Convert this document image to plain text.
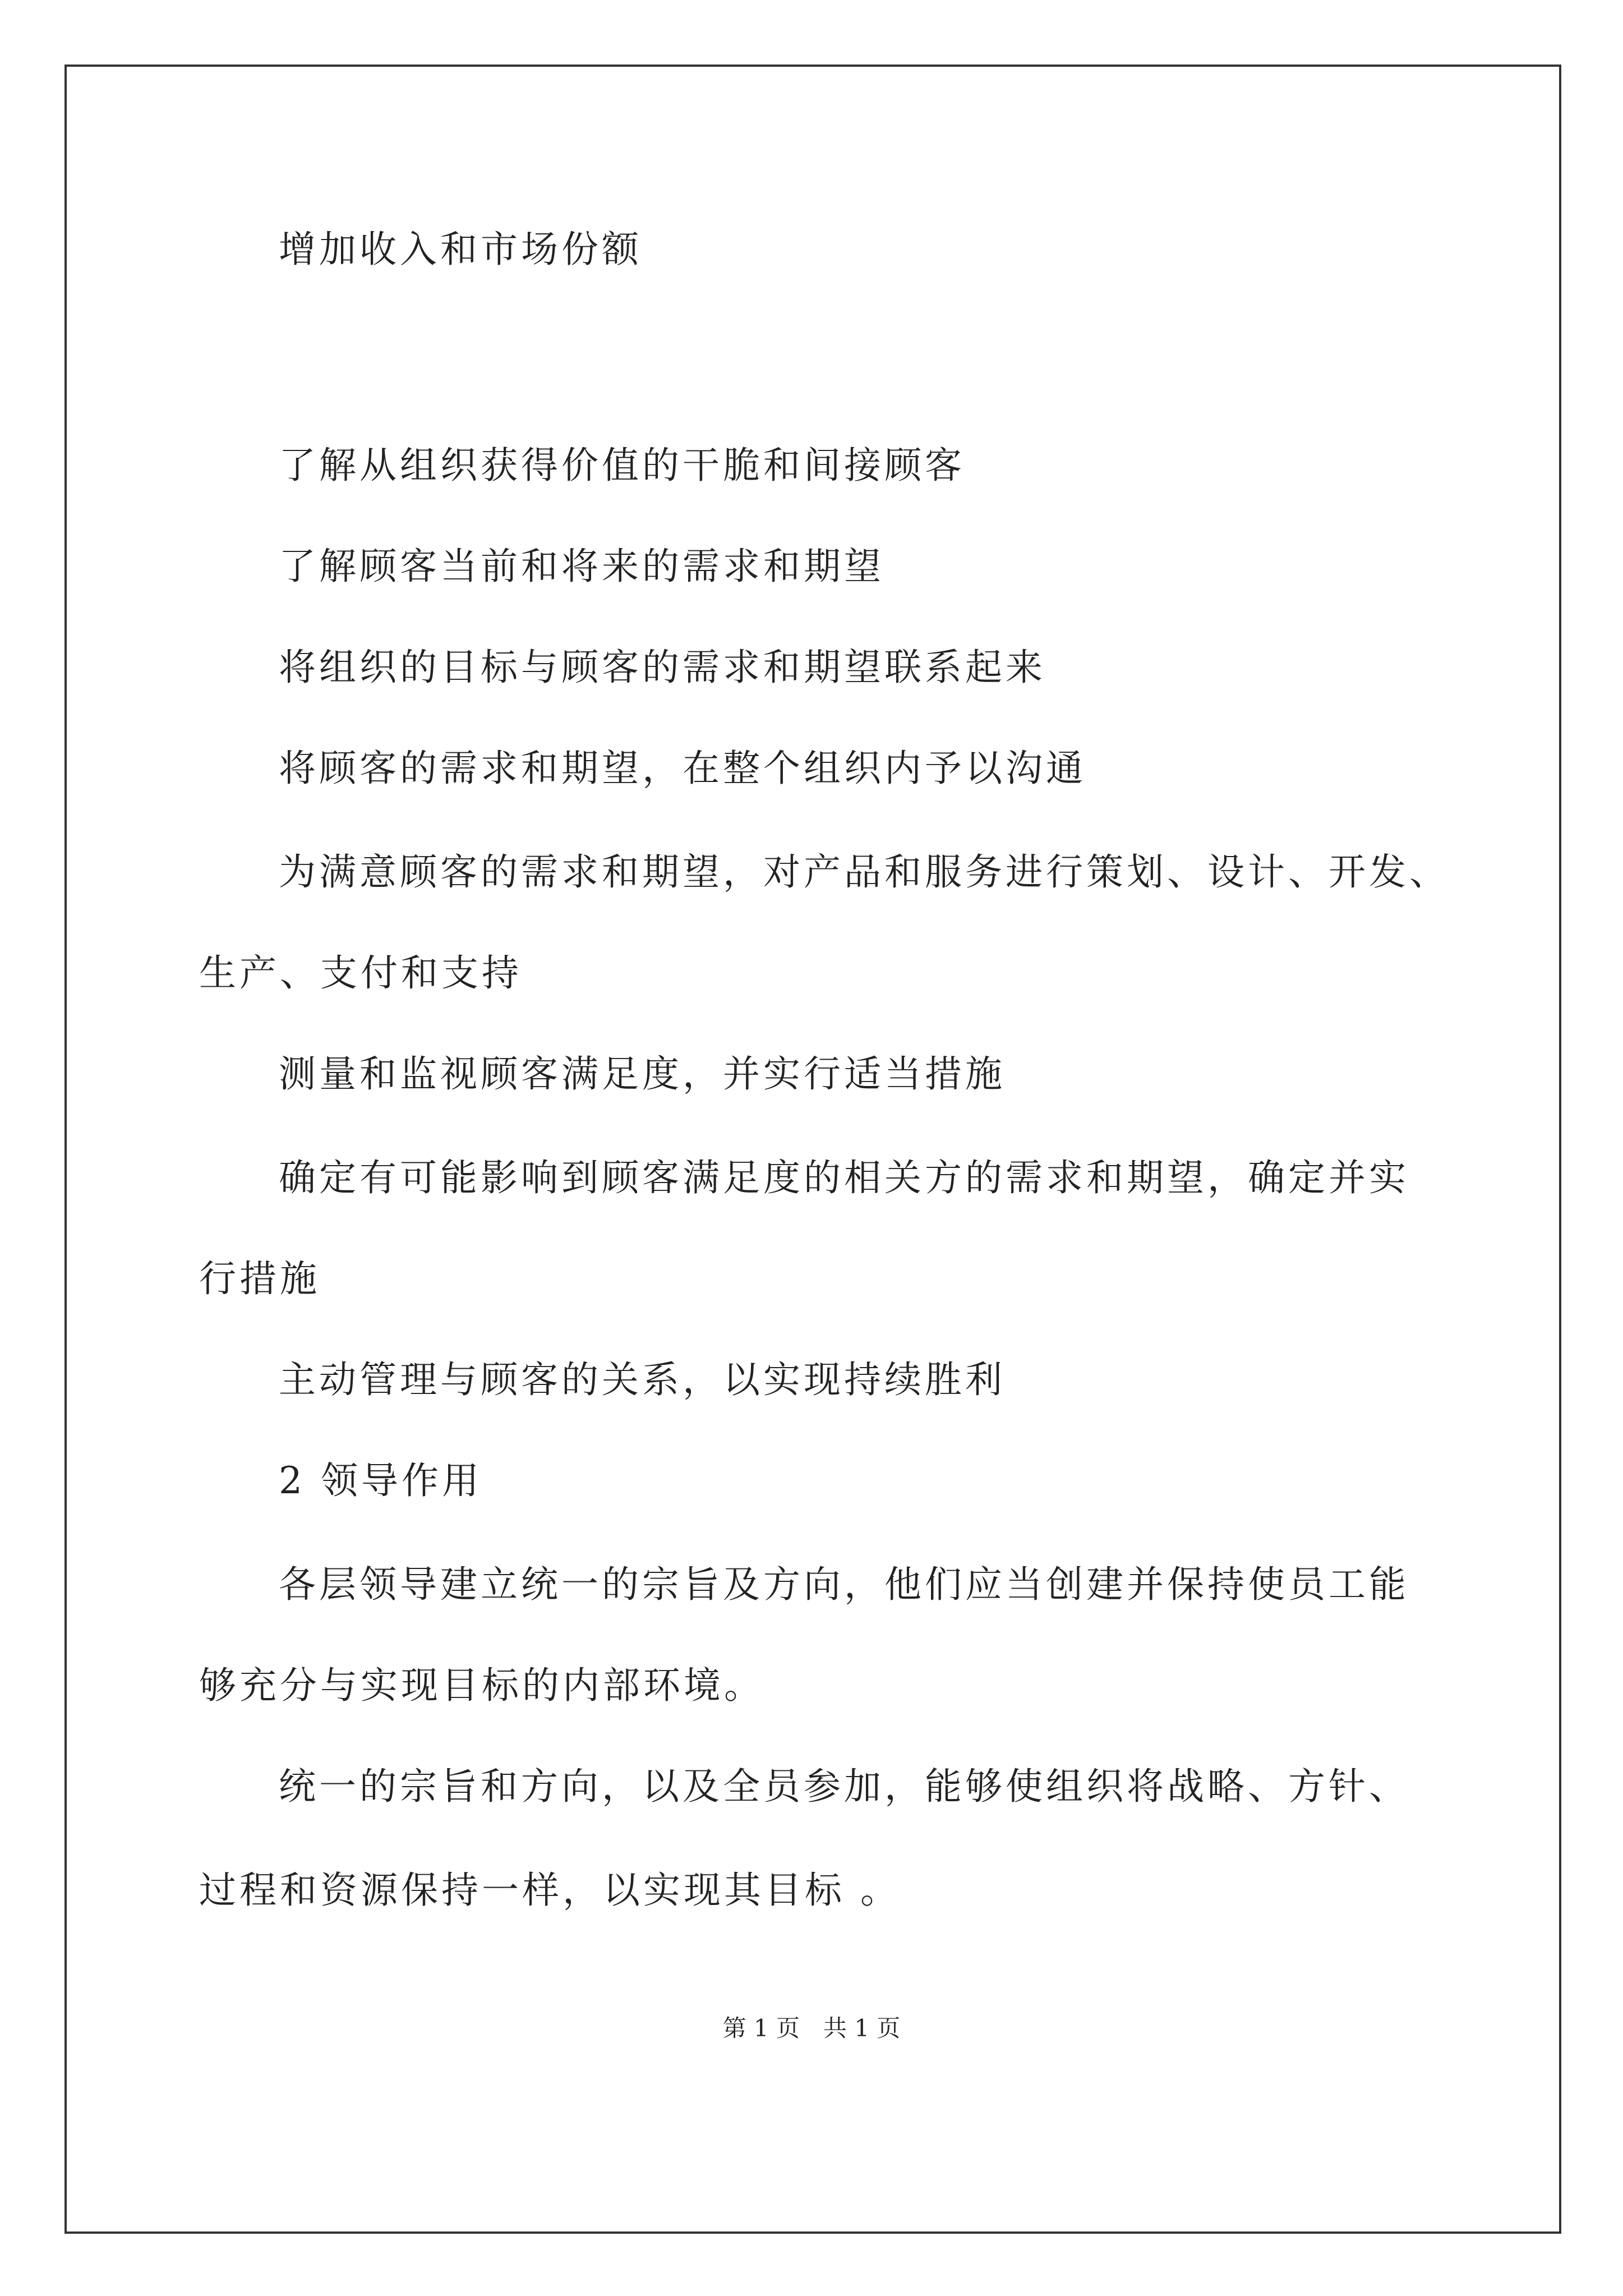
增加收入和市场份额
了解从组织获得价值的干脆和间接顾客
了解顾客当前和将来的需求和期望
将组织的目标与顾客的需求和期望联系起来
将顾客的需求和期望，在整个组织内予以沟通
为满意顾客的需求和期望，对产品和服务进行策划、设计、开发、
生产、支付和支持
测量和监视顾客满足度，并实行适当措施
确定有可能影响到顾客满足度的相关方的需求和期望，确定并实
行措施
主动管理与顾客的关系，以实现持续胜利
2 领导作用
各层领导建立统一的宗旨及方向，他们应当创建并保持使员工能
够充分与实现目标的内部环境。
统一的宗旨和方向，以及全员参加，能够使组织将战略、方针、
过程和资源保持一样，以实现其目标 。
第 1 页　共 1 页
